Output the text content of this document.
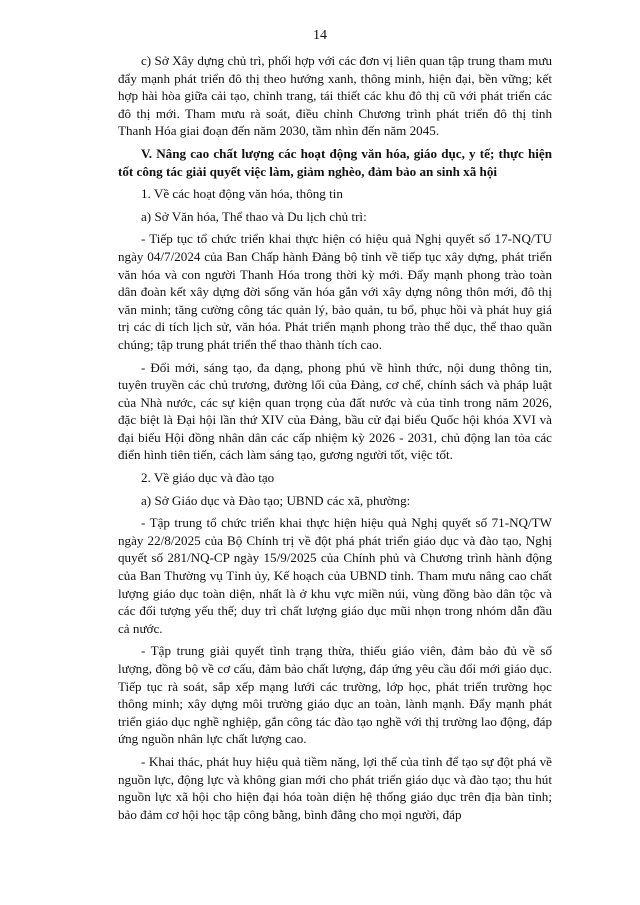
14

c) Sở Xây dựng chủ trì, phối hợp với các đơn vị liên quan tập trung tham mưu đẩy mạnh phát triển đô thị theo hướng xanh, thông minh, hiện đại, bền vững; kết hợp hài hòa giữa cải tạo, chỉnh trang, tái thiết các khu đô thị cũ với phát triển các đô thị mới. Tham mưu rà soát, điều chỉnh Chương trình phát triển đô thị tỉnh Thanh Hóa giai đoạn đến năm 2030, tầm nhìn đến năm 2045.

V. Nâng cao chất lượng các hoạt động văn hóa, giáo dục, y tế; thực hiện tốt công tác giải quyết việc làm, giảm nghèo, đảm bảo an sinh xã hội

1. Về các hoạt động văn hóa, thông tin

a) Sở Văn hóa, Thể thao và Du lịch chủ trì:

- Tiếp tục tổ chức triển khai thực hiện có hiệu quả Nghị quyết số 17-NQ/TU ngày 04/7/2024 của Ban Chấp hành Đảng bộ tỉnh về tiếp tục xây dựng, phát triển văn hóa và con người Thanh Hóa trong thời kỳ mới. Đẩy mạnh phong trào toàn dân đoàn kết xây dựng đời sống văn hóa gắn với xây dựng nông thôn mới, đô thị văn minh; tăng cường công tác quản lý, bảo quản, tu bổ, phục hồi và phát huy giá trị các di tích lịch sử, văn hóa. Phát triển mạnh phong trào thể dục, thể thao quần chúng; tập trung phát triển thể thao thành tích cao.

- Đổi mới, sáng tạo, đa dạng, phong phú về hình thức, nội dung thông tin, tuyên truyền các chủ trương, đường lối của Đảng, cơ chế, chính sách và pháp luật của Nhà nước, các sự kiện quan trọng của đất nước và của tỉnh trong năm 2026, đặc biệt là Đại hội lần thứ XIV của Đảng, bầu cử đại biểu Quốc hội khóa XVI và đại biểu Hội đồng nhân dân các cấp nhiệm kỳ 2026 - 2031, chủ động lan tỏa các điển hình tiên tiến, cách làm sáng tạo, gương người tốt, việc tốt.

2. Về giáo dục và đào tạo

a) Sở Giáo dục và Đào tạo; UBND các xã, phường:

- Tập trung tổ chức triển khai thực hiện hiệu quả Nghị quyết số 71-NQ/TW ngày 22/8/2025 của Bộ Chính trị về đột phá phát triển giáo dục và đào tạo, Nghị quyết số 281/NQ-CP ngày 15/9/2025 của Chính phủ và Chương trình hành động của Ban Thường vụ Tỉnh ủy, Kế hoạch của UBND tỉnh. Tham mưu nâng cao chất lượng giáo dục toàn diện, nhất là ở khu vực miền núi, vùng đồng bào dân tộc và các đối tượng yếu thế; duy trì chất lượng giáo dục mũi nhọn trong nhóm dẫn đầu cả nước.

- Tập trung giải quyết tình trạng thừa, thiếu giáo viên, đảm bảo đủ về số lượng, đồng bộ về cơ cấu, đảm bảo chất lượng, đáp ứng yêu cầu đổi mới giáo dục. Tiếp tục rà soát, sắp xếp mạng lưới các trường, lớp học, phát triển trường học thông minh; xây dựng môi trường giáo dục an toàn, lành mạnh. Đẩy mạnh phát triển giáo dục nghề nghiệp, gắn công tác đào tạo nghề với thị trường lao động, đáp ứng nguồn nhân lực chất lượng cao.

- Khai thác, phát huy hiệu quả tiềm năng, lợi thế của tỉnh để tạo sự đột phá về nguồn lực, động lực và không gian mới cho phát triển giáo dục và đào tạo; thu hút nguồn lực xã hội cho hiện đại hóa toàn diện hệ thống giáo dục trên địa bàn tỉnh; bảo đảm cơ hội học tập công bằng, bình đẳng cho mọi người, đáp
